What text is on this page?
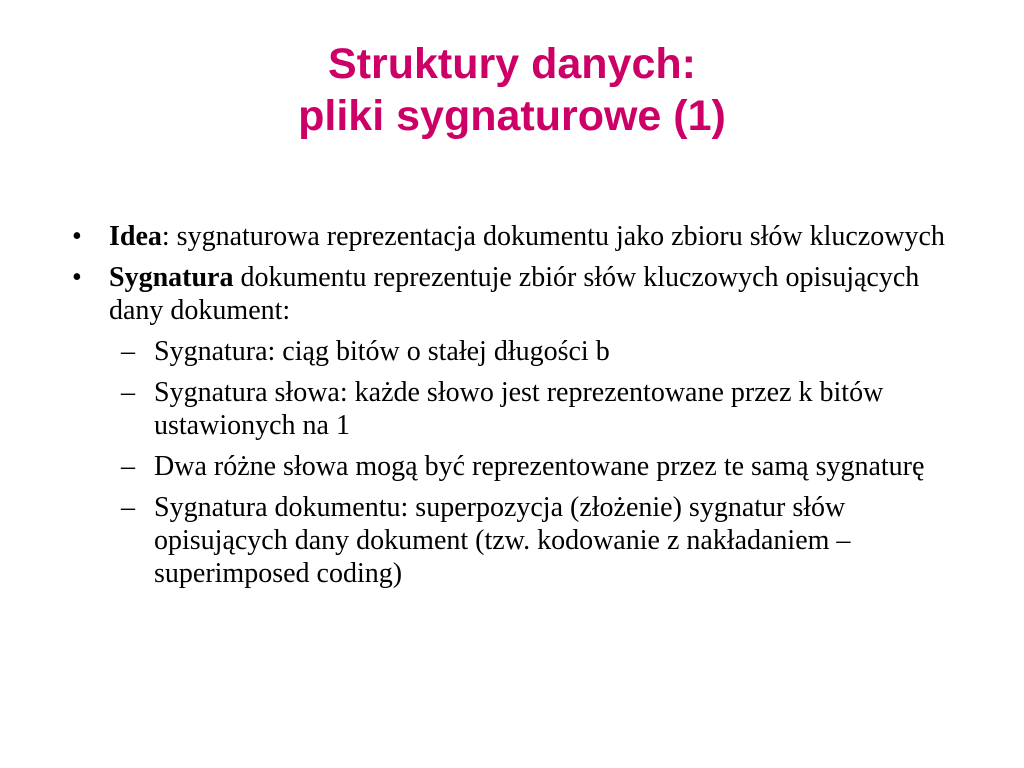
Struktury danych:
pliki sygnaturowe (1)
• Idea: sygnaturowa reprezentacja dokumentu jako zbioru słów kluczowych
• Sygnatura dokumentu reprezentuje zbiór słów kluczowych opisujących dany dokument:
– Sygnatura: ciąg bitów o stałej długości b
– Sygnatura słowa: każde słowo jest reprezentowane przez k bitów ustawionych na 1
– Dwa różne słowa mogą być reprezentowane przez te samą sygnaturę
– Sygnatura dokumentu: superpozycja (złożenie) sygnatur słów opisujących dany dokument (tzw. kodowanie z nakładaniem – superimposed coding)
